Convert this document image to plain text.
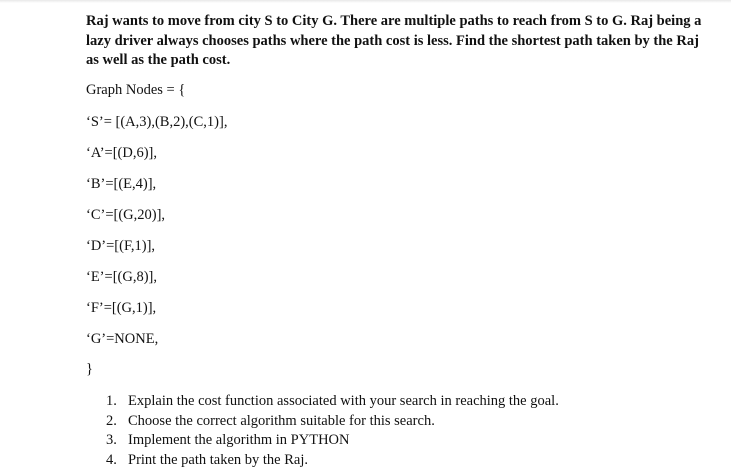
Raj wants to move from city S to City G. There are multiple paths to reach from S to G. Raj being a lazy driver always chooses paths where the path cost is less. Find the shortest path taken by the Raj as well as the path cost.

Graph Nodes = {

‘S’= [(A,3),(B,2),(C,1)],

‘A’=[(D,6)],

‘B’=[(E,4)],

‘C’=[(G,20)],

‘D’=[(F,1)],

‘E’=[(G,8)],

‘F’=[(G,1)],

‘G’=NONE,

}

1. Explain the cost function associated with your search in reaching the goal.
2. Choose the correct algorithm suitable for this search.
3. Implement the algorithm in PYTHON
4. Print the path taken by the Raj.
